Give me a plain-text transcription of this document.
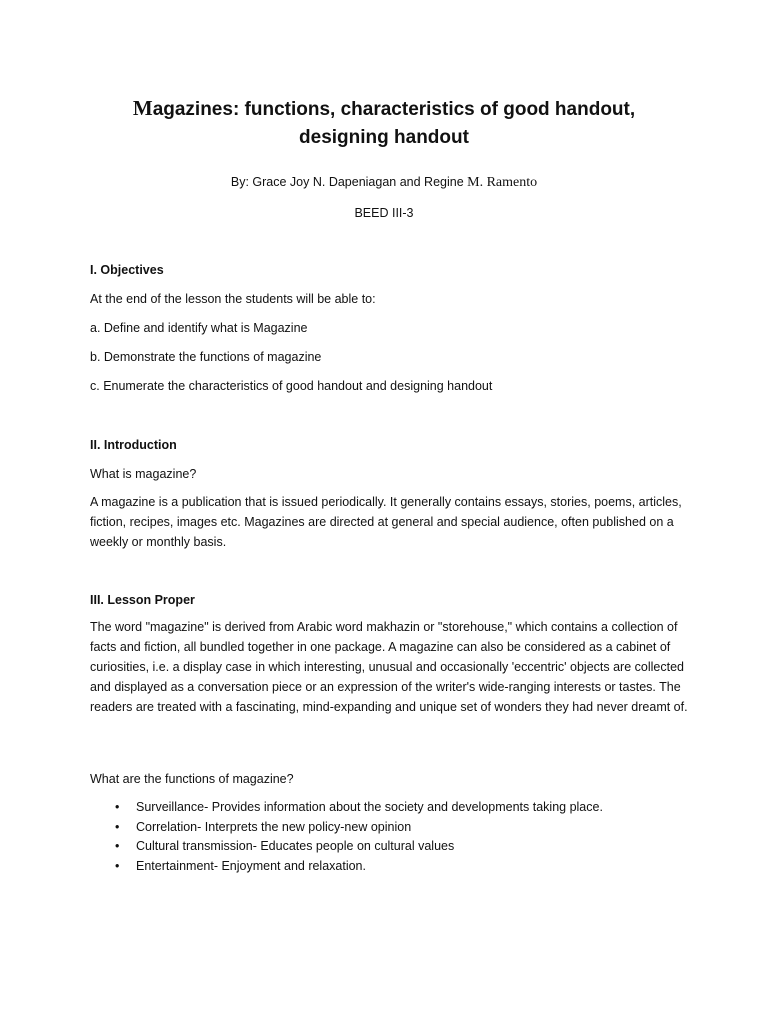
Magazines: functions, characteristics of good handout,
designing handout
By: Grace Joy N. Dapeniagan and Regine M. Ramento
BEED III-3
I. Objectives
At the end of the lesson the students will be able to:
a. Define and identify what is Magazine
b. Demonstrate the functions of magazine
c. Enumerate the characteristics of good handout and designing handout
II. Introduction
What is magazine?
A magazine is a publication that is issued periodically. It generally contains essays, stories, poems, articles, fiction, recipes, images etc. Magazines are directed at general and special audience, often published on a weekly or monthly basis.
III. Lesson Proper
The word "magazine" is derived from Arabic word makhazin or "storehouse," which contains a collection of facts and fiction, all bundled together in one package. A magazine can also be considered as a cabinet of curiosities, i.e. a display case in which interesting, unusual and occasionally 'eccentric' objects are collected and displayed as a conversation piece or an expression of the writer's wide-ranging interests or tastes. The readers are treated with a fascinating, mind-expanding and unique set of wonders they had never dreamt of.
What are the functions of magazine?
• Surveillance- Provides information about the society and developments taking place.
• Correlation- Interprets the new policy-new opinion
• Cultural transmission- Educates people on cultural values
• Entertainment- Enjoyment and relaxation.
